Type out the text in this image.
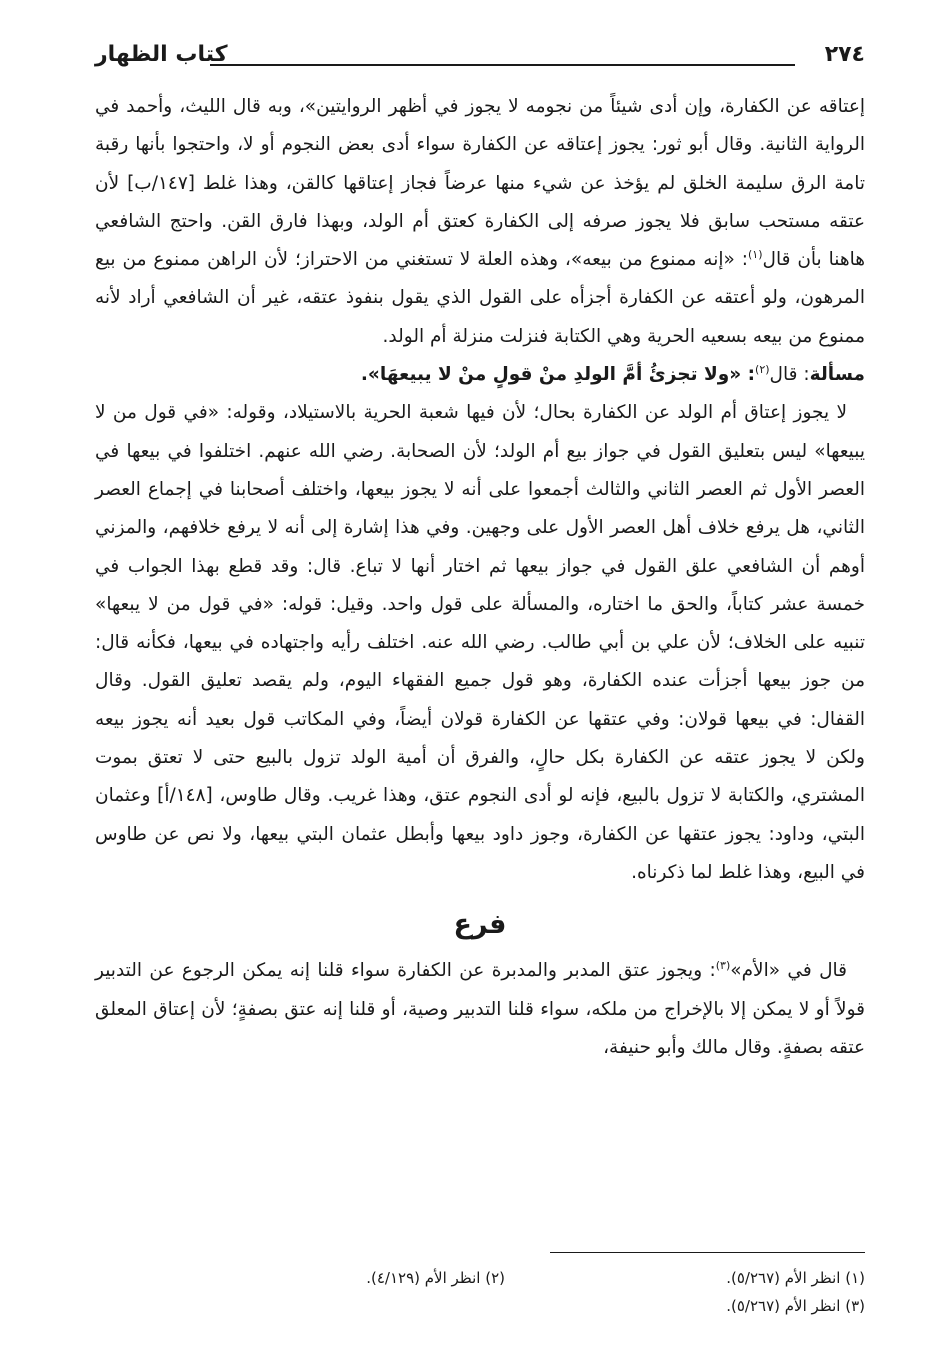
٢٧٤
كتاب الظهار

إعتاقه عن الكفارة، وإن أدى شيئاً من نجومه لا يجوز في أظهر الروايتين»، وبه قال الليث، وأحمد في الرواية الثانية. وقال أبو ثور: يجوز إعتاقه عن الكفارة سواء أدى بعض النجوم أو لا، واحتجوا بأنها رقبة تامة الرق سليمة الخلق لم يؤخذ عن شيء منها عرضاً فجاز إعتاقها كالقن، وهذا غلط [١٤٧/ب] لأن عتقه مستحب سابق فلا يجوز صرفه إلى الكفارة كعتق أم الولد، وبهذا فارق القن. واحتج الشافعي هاهنا بأن قال$^{(١)}$: «إنه ممنوع من بيعه»، وهذه العلة لا تستغني من الاحتراز؛ لأن الراهن ممنوع من بيع المرهون، ولو أعتقه عن الكفارة أجزأه على القول الذي يقول بنفوذ عتقه، غير أن الشافعي أراد لأنه ممنوع من بيعه بسعيه الحرية وهي الكتابة فنزلت منزلة أم الولد.

مسألة: قال$^{(٢)}$: «ولا تجزئُ أمَّ الولدِ منْ قولٍ منْ لا يبيعهَا».

لا يجوز إعتاق أم الولد عن الكفارة بحال؛ لأن فيها شعبة الحرية بالاستيلاد، وقوله: «في قول من لا يبيعها» ليس بتعليق القول في جواز بيع أم الولد؛ لأن الصحابة. رضي الله عنهم. اختلفوا في بيعها في العصر الأول ثم العصر الثاني والثالث أجمعوا على أنه لا يجوز بيعها، واختلف أصحابنا في إجماع العصر الثاني، هل يرفع خلاف أهل العصر الأول على وجهين. وفي هذا إشارة إلى أنه لا يرفع خلافهم، والمزني أوهم أن الشافعي علق القول في جواز بيعها ثم اختار أنها لا تباع. قال: وقد قطع بهذا الجواب في خمسة عشر كتاباً، والحق ما اختاره، والمسألة على قول واحد. وقيل: قوله: «في قول من لا يبعها» تنبيه على الخلاف؛ لأن علي بن أبي طالب. رضي الله عنه. اختلف رأيه واجتهاده في بيعها، فكأنه قال: من جوز بيعها أجزأت عنده الكفارة، وهو قول جميع الفقهاء اليوم، ولم يقصد تعليق القول. وقال القفال: في بيعها قولان: وفي عتقها عن الكفارة قولان أيضاً، وفي المكاتب قول بعيد أنه يجوز بيعه ولكن لا يجوز عتقه عن الكفارة بكل حالٍ، والفرق أن أمية الولد تزول بالبيع حتى لا تعتق بموت المشتري، والكتابة لا تزول بالبيع، فإنه لو أدى النجوم عتق، وهذا غريب. وقال طاوس، [١٤٨/أ] وعثمان البتي، وداود: يجوز عتقها عن الكفارة، وجوز داود بيعها وأبطل عثمان البتي بيعها، ولا نص عن طاوس في البيع، وهذا غلط لما ذكرناه.

فرع

قال في «الأم»$^{(٣)}$: ويجوز عتق المدبر والمدبرة عن الكفارة سواء قلنا إنه يمكن الرجوع عن التدبير قولاً أو لا يمكن إلا بالإخراج من ملكه، سواء قلنا التدبير وصية، أو قلنا إنه عتق بصفةٍ؛ لأن إعتاق المعلق عتقه بصفةٍ. وقال مالك وأبو حنيفة،

(١) انظر الأم (٥/٢٦٧).
(٢) انظر الأم (٤/١٢٩).
(٣) انظر الأم (٥/٢٦٧).
